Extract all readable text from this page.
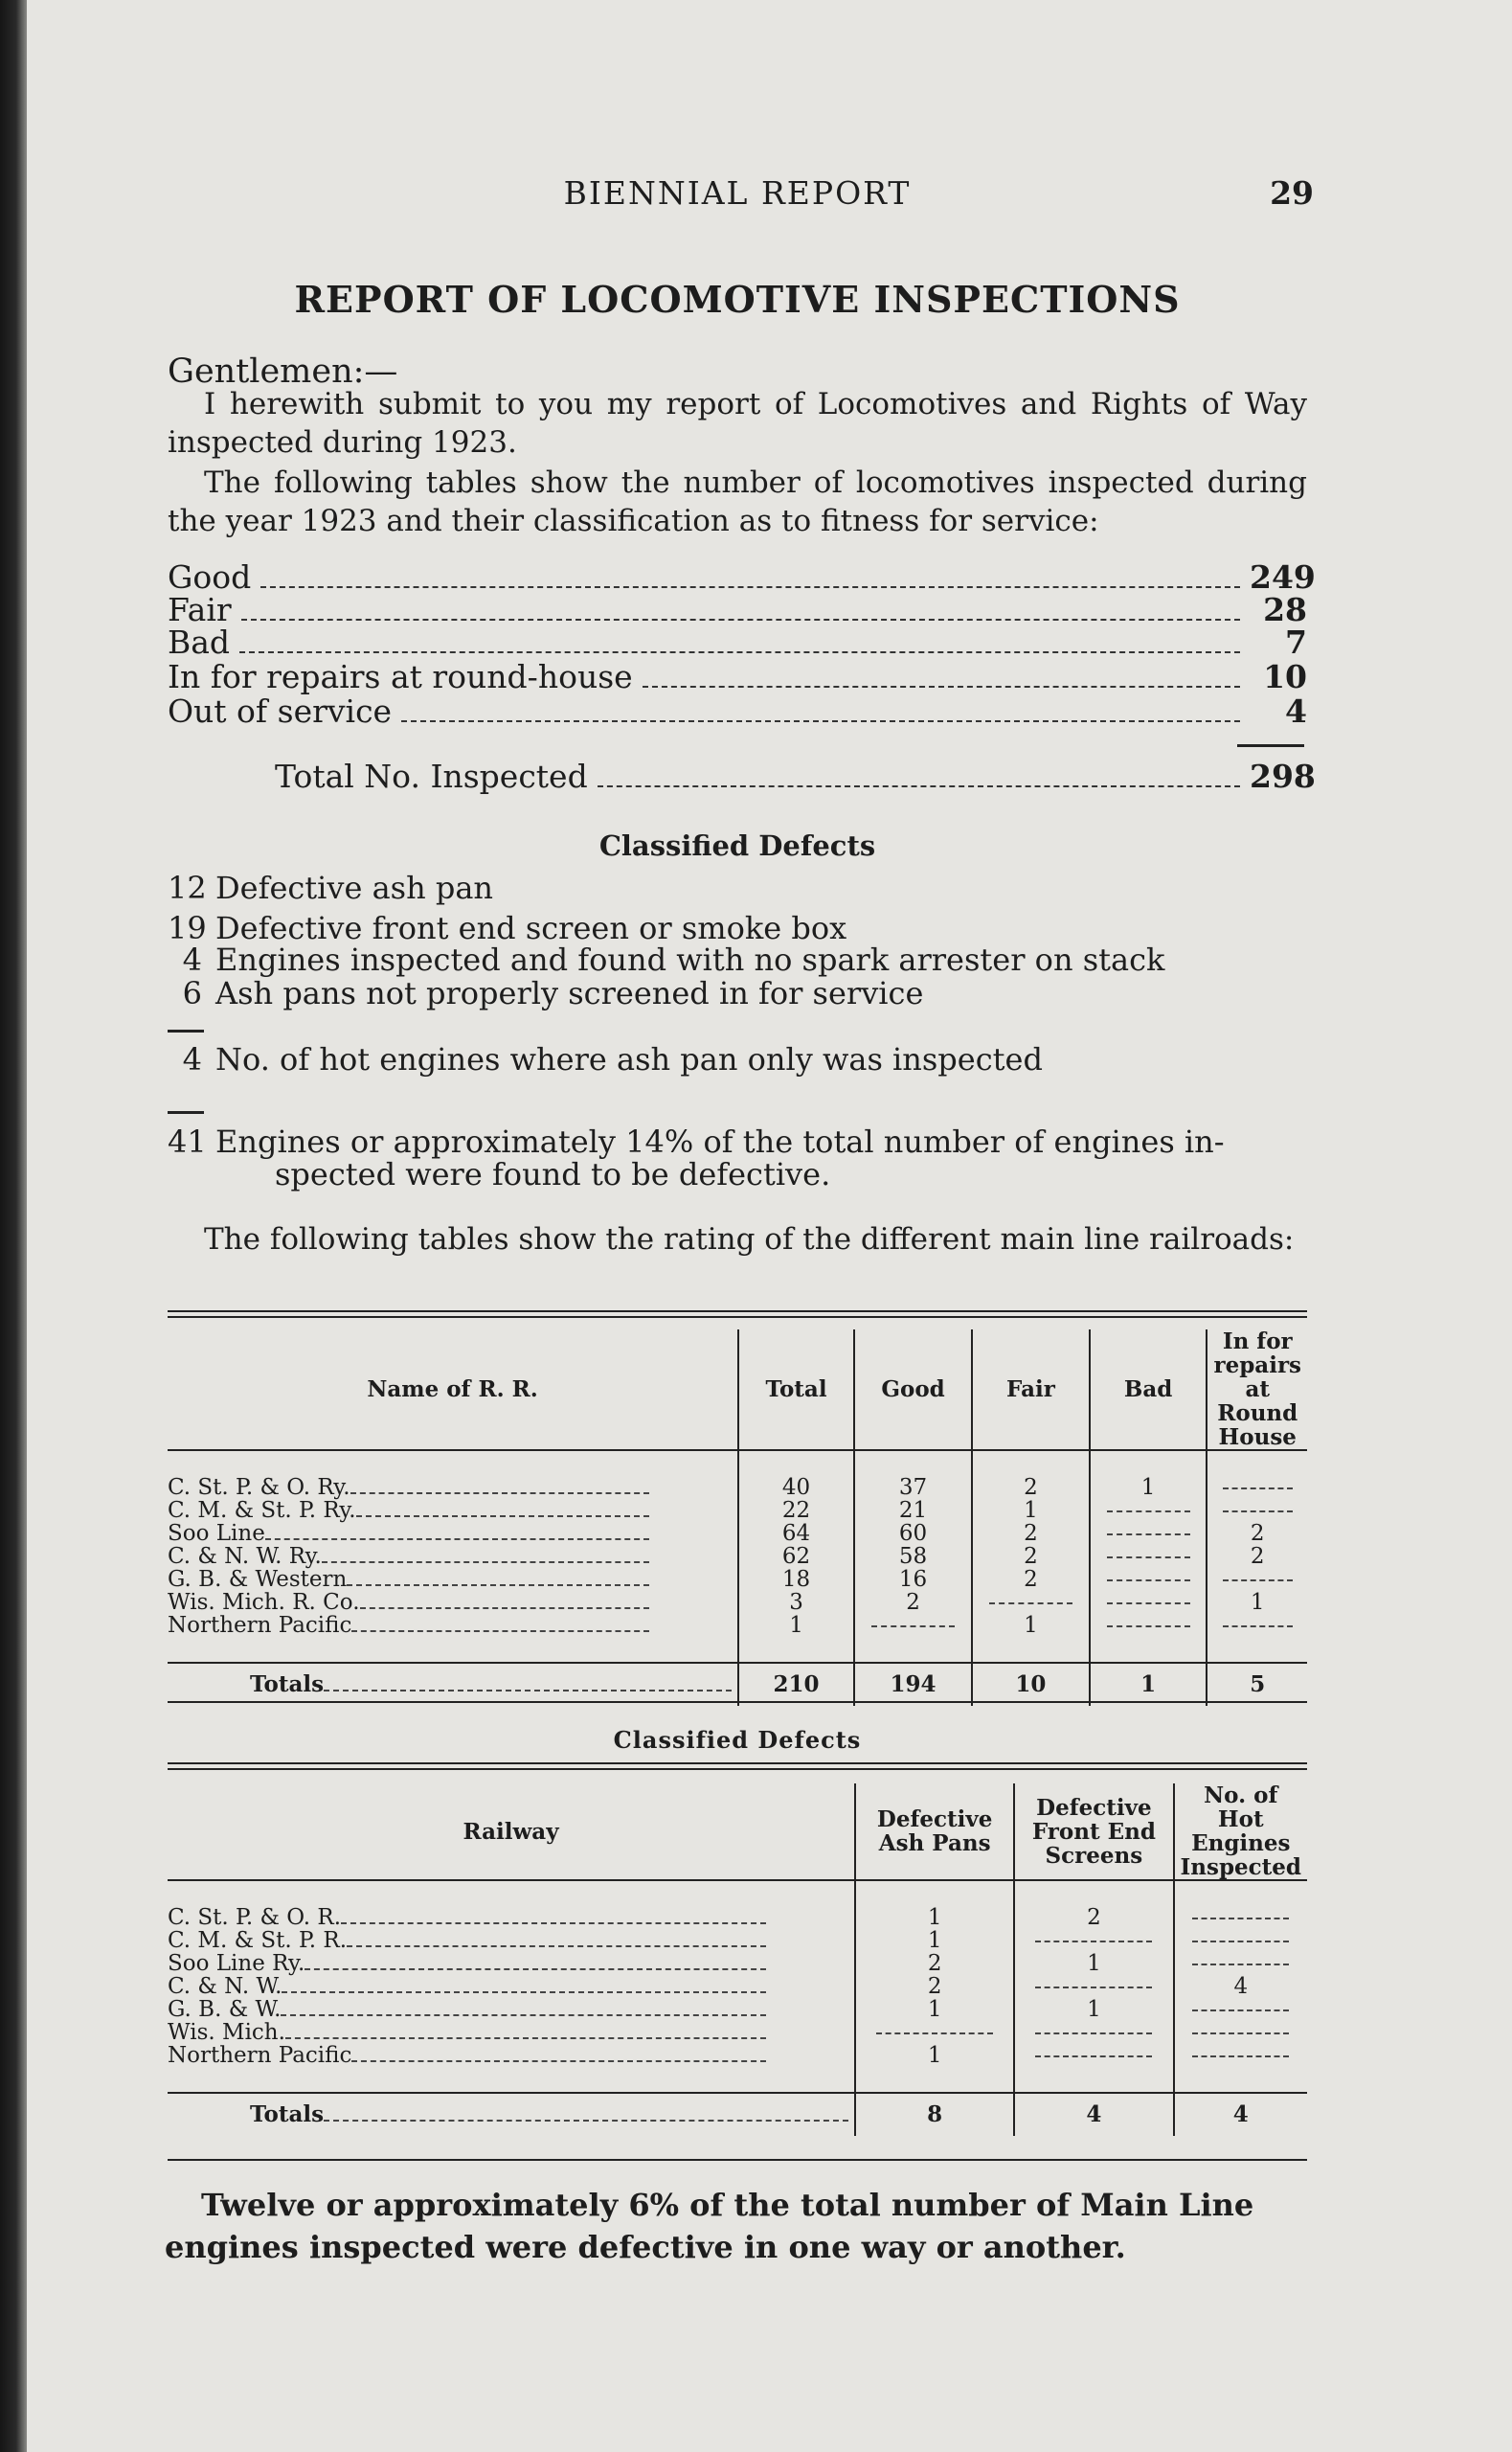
BIENNIAL REPORT	29
REPORT OF LOCOMOTIVE INSPECTIONS
Gentlemen:—
I herewith submit to you my report of Locomotives and Rights of Way inspected during 1923.
The following tables show the number of locomotives inspected during the year 1923 and their classification as to fitness for service:
Good	249
Fair	28
Bad	7
In for repairs at round-house	10
Out of service	4
Total No. Inspected	298
Classified Defects
12 Defective ash pan
19 Defective front end screen or smoke box
4 Engines inspected and found with no spark arrester on stack
6 Ash pans not properly screened in for service
4 No. of hot engines where ash pan only was inspected
41 Engines or approximately 14% of the total number of engines in-
spected were found to be defective.
The following tables show the rating of the different main line railroads:
Name of R. R.	Total	Good	Fair	Bad	In for repairs at Round House

C. St. P. & O. Ry.	40	37	2	1	
C. M. & St. P. Ry.	22	21	1		
Soo Line	64	60	2		2
C. & N. W. Ry.	62	58	2		2
G. B. & Western	18	16	2		
Wis. Mich. R. Co.	3	2			1
Northern Pacific	1		1		

Totals	210	194	10	1	5
Classified Defects
Railway	Defective Ash Pans	Defective Front End Screens	No. of Hot Engines Inspected

C. St. P. & O. R.	1	2	
C. M. & St. P. R.	1		
Soo Line Ry.	2	1	
C. & N. W.	2		4
G. B. & W.	1	1	
Wis. Mich.			
Northern Pacific	1		

Totals	8	4	4
Twelve or approximately 6% of the total number of Main Line engines inspected were defective in one way or another.
